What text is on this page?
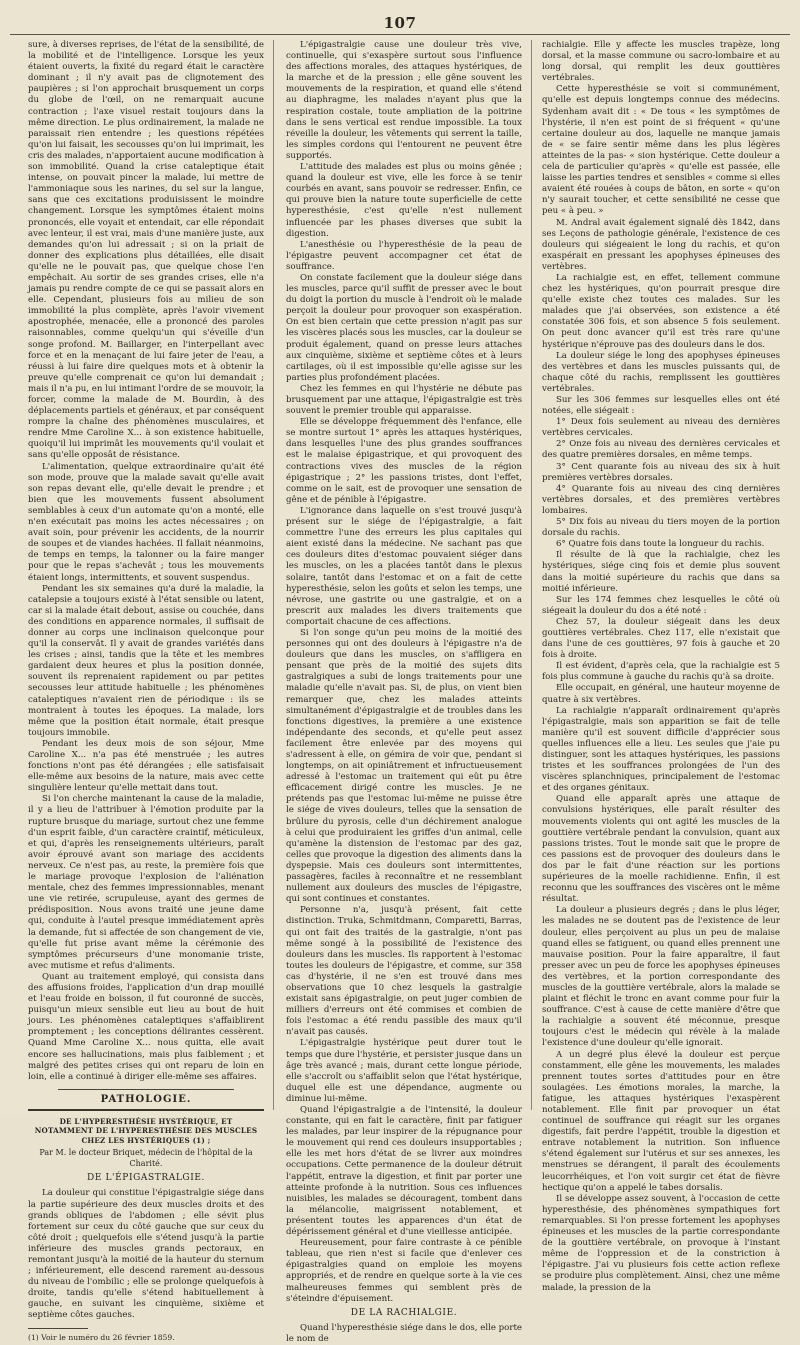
107

sure, à diverses reprises, de l'état de la sensibilité, de la mobilité et de l'intelligence. Lorsque les yeux étaient ouverts, la fixité du regard était le caractère dominant ; il n'y avait pas de clignotement des paupières ; si l'on approchait brusquement un corps du globe de l'œil, on ne remarquait aucune contraction ; l'axe visuel restait toujours dans la même direction. Le plus ordinairement, la malade ne paraissait rien entendre ; les questions répétées qu'on lui faisait, les secousses qu'on lui imprimait, les cris des malades, n'apportaient aucune modification à son immobilité. Quand la crise cataleptique était intense, on pouvait pincer la malade, lui mettre de l'ammoniaque sous les narines, du sel sur la langue, sans que ces excitations produisissent le moindre changement. Lorsque les symptômes étaient moins prononcés, elle voyait et entendait, car elle répondait avec lenteur, il est vrai, mais d'une manière juste, aux demandes qu'on lui adressait ; si on la priait de donner des explications plus détaillées, elle disait qu'elle ne le pouvait pas, que quelque chose l'en empêchait. Au sortir de ses grandes crises, elle n'a jamais pu rendre compte de ce qui se passait alors en elle. Cependant, plusieurs fois au milieu de son immobilité la plus complète, après l'avoir vivement apostrophée, menacée, elle a prononcé des paroles raisonnables, comme quelqu'un qui s'éveille d'un songe profond. M. Baillarger, en l'interpellant avec force et en la menaçant de lui faire jeter de l'eau, a réussi à lui faire dire quelques mots et à obtenir la preuve qu'elle comprenait ce qu'on lui demandait ; mais il n'a pu, en lui intimant l'ordre de se mouvoir, la forcer, comme la malade de M. Bourdin, à des déplacements partiels et généraux, et par conséquent rompre la chaîne des phénomènes musculaires, et rendre Mme Caroline X... à son existence habituelle, quoiqu'il lui imprimât les mouvements qu'il voulait et sans qu'elle opposât de résistance.

L'alimentation, quelque extraordinaire qu'ait été son mode, prouve que la malade savait qu'elle avait son repas devant elle, qu'elle devait le prendre ; et bien que les mouvements fussent absolument semblables à ceux d'un automate qu'on a monté, elle n'en exécutait pas moins les actes nécessaires ; on avait soin, pour prévenir les accidents, de la nourrir de soupes et de viandes hachées. Il fallait néanmoins, de temps en temps, la talonner ou la faire manger pour que le repas s'achevât ; tous les mouvements étaient longs, intermittents, et souvent suspendus.

Pendant les six semaines qu'a duré la maladie, la catalepsie a toujours existé à l'état sensible ou latent, car si la malade était debout, assise ou couchée, dans des conditions en apparence normales, il suffisait de donner au corps une inclinaison quelconque pour qu'il la conservât. Il y avait de grandes variétés dans les crises ; ainsi, tandis que la tête et les membres gardaient deux heures et plus la position donnée, souvent ils reprenaient rapidement ou par petites secousses leur attitude habituelle ; les phénomènes cataleptiques n'avaient rien de périodique : ils se montraient à toutes les époques. La malade, lors même que la position était normale, était presque toujours immobile.

Pendant les deux mois de son séjour, Mme Caroline X... n'a pas été menstruée ; les autres fonctions n'ont pas été dérangées ; elle satisfaisait elle-même aux besoins de la nature, mais avec cette singulière lenteur qu'elle mettait dans tout.

Si l'on cherche maintenant la cause de la maladie, il y a lieu de l'attribuer à l'émotion produite par la rupture brusque du mariage, surtout chez une femme d'un esprit faible, d'un caractère craintif, méticuleux, et qui, d'après les renseignements ultérieurs, paraît avoir éprouvé avant son mariage des accidents nerveux. Ce n'est pas, au reste, la première fois que le mariage provoque l'explosion de l'aliénation mentale, chez des femmes impressionnables, menant une vie retirée, scrupuleuse, ayant des germes de prédisposition. Nous avons traité une jeune dame qui, conduite à l'autel presque immédiatement après la demande, fut si affectée de son changement de vie, qu'elle fut prise avant même la cérémonie des symptômes précurseurs d'une monomanie triste, avec mutisme et refus d'aliments.

Quant au traitement employé, qui consista dans des affusions froides, l'application d'un drap mouillé et l'eau froide en boisson, il fut couronné de succès, puisqu'un mieux sensible eut lieu au bout de huit jours. Les phénomènes cataleptiques s'affaiblirent promptement ; les conceptions délirantes cessèrent. Quand Mme Caroline X... nous quitta, elle avait encore ses hallucinations, mais plus faiblement ; et malgré des petites crises qui ont reparu de loin en loin, elle a continué à diriger elle-même ses affaires.

PATHOLOGIE.
DE L'HYPERESTHÉSIE HYSTÉRIQUE, ET NOTAMMENT DE L'HYPERESTHÉSIE DES MUSCLES CHEZ LES HYSTÉRIQUES (1) ;
Par M. le docteur Briquet, médecin de l'hôpital de la Charité.
DE L'ÉPIGASTRALGIE.

La douleur qui constitue l'épigastralgie siége dans la partie supérieure des deux muscles droits et des grands obliques de l'abdomen ; elle sévit plus fortement sur ceux du côté gauche que sur ceux du côté droit ; quelquefois elle s'étend jusqu'à la partie inférieure des muscles grands pectoraux, en remontant jusqu'à la moitié de la hauteur du sternum ; inférieurement, elle descend rarement au-dessous du niveau de l'ombilic ; elle se prolonge quelquefois à droite, tandis qu'elle s'étend habituellement à gauche, en suivant les cinquième, sixième et septième côtes gauches.

(1) Voir le numéro du 26 février 1859.

L'épigastralgie cause une douleur très vive, continuelle, qui s'exaspère surtout sous l'influence des affections morales, des attaques hystériques, de la marche et de la pression ; elle gêne souvent les mouvements de la respiration, et quand elle s'étend au diaphragme, les malades n'ayant plus que la respiration costale, toute ampliation de la poitrine dans le sens vertical est rendue impossible. La toux réveille la douleur, les vêtements qui serrent la taille, les simples cordons qui l'entourent ne peuvent être supportés.

L'attitude des malades est plus ou moins gênée ; quand la douleur est vive, elle les force à se tenir courbés en avant, sans pouvoir se redresser. Enfin, ce qui prouve bien la nature toute superficielle de cette hyperesthésie, c'est qu'elle n'est nullement influencée par les phases diverses que subit la digestion.

L'anesthésie ou l'hyperesthésie de la peau de l'épigastre peuvent accompagner cet état de souffrance.

On constate facilement que la douleur siége dans les muscles, parce qu'il suffit de presser avec le bout du doigt la portion du muscle à l'endroit où le malade perçoit la douleur pour provoquer son exaspération. On est bien certain que cette pression n'agit pas sur les viscères placés sous les muscles, car la douleur se produit également, quand on presse leurs attaches aux cinquième, sixième et septième côtes et à leurs cartilages, où il est impossible qu'elle agisse sur les parties plus profondément placées.

Chez les femmes en qui l'hystérie ne débute pas brusquement par une attaque, l'épigastralgie est très souvent le premier trouble qui apparaisse.

Elle se développe fréquemment dès l'enfance, elle se montre surtout 1° après les attaques hystériques, dans lesquelles l'une des plus grandes souffrances est le malaise épigastrique, et qui provoquent des contractions vives des muscles de la région épigastrique ; 2° les passions tristes, dont l'effet, comme on le sait, est de provoquer une sensation de gêne et de pénible à l'épigastre.

L'ignorance dans laquelle on s'est trouvé jusqu'à présent sur le siége de l'épigastralgie, a fait commettre l'une des erreurs les plus capitales qui aient existé dans la médecine. Ne sachant pas que ces douleurs dites d'estomac pouvaient siéger dans les muscles, on les a placées tantôt dans le plexus solaire, tantôt dans l'estomac et on a fait de cette hyperesthésie, selon les goûts et selon les temps, une névrose, une gastrite ou une gastralgie, et on a prescrit aux malades les divers traitements que comportait chacune de ces affections.

Si l'on songe qu'un peu moins de la moitié des personnes qui ont des douleurs à l'épigastre n'a de douleurs que dans les muscles, on s'affligera en pensant que près de la moitié des sujets dits gastralgiques a subi de longs traitements pour une maladie qu'elle n'avait pas. Si, de plus, on vient bien remarquer que, chez les malades atteints simultanément d'épigastralgie et de troubles dans les fonctions digestives, la première a une existence indépendante des seconds, et qu'elle peut assez facilement être enlevée par des moyens qui s'adressent à elle, on gémira de voir que, pendant si longtemps, on ait opiniâtrement et infructueusement adressé à l'estomac un traitement qui eût pu être efficacement dirigé contre les muscles. Je ne prétends pas que l'estomac lui-même ne puisse être le siége de vives douleurs, telles que la sensation de brûlure du pyrosis, celle d'un déchirement analogue à celui que produiraient les griffes d'un animal, celle qu'amène la distension de l'estomac par des gaz, celles que provoque la digestion des aliments dans la dyspepsie. Mais ces douleurs sont intermittentes, passagères, faciles à reconnaître et ne ressemblant nullement aux douleurs des muscles de l'épigastre, qui sont continues et constantes.

Personne n'a, jusqu'à présent, fait cette distinction. Truka, Schmitdmann, Comparetti, Barras, qui ont fait des traités de la gastralgie, n'ont pas même songé à la possibilité de l'existence des douleurs dans les muscles. Ils rapportent à l'estomac toutes les douleurs de l'épigastre, et comme, sur 358 cas d'hystérie, il ne s'en est trouvé dans mes observations que 10 chez lesquels la gastralgie existait sans épigastralgie, on peut juger combien de milliers d'erreurs ont été commises et combien de fois l'estomac a été rendu passible des maux qu'il n'avait pas causés.

L'épigastralgie hystérique peut durer tout le temps que dure l'hystérie, et persister jusque dans un âge très avancé ; mais, durant cette longue période, elle s'accroît ou s'affaiblit selon que l'état hystérique, duquel elle est une dépendance, augmente ou diminue lui-même.

Quand l'épigastralgie a de l'intensité, la douleur constante, qui en fait le caractère, finit par fatiguer les malades, par leur inspirer de la répugnance pour le mouvement qui rend ces douleurs insupportables ; elle les met hors d'état de se livrer aux moindres occupations. Cette permanence de la douleur détruit l'appétit, entrave la digestion, et finit par porter une atteinte profonde à la nutrition. Sous ces influences nuisibles, les malades se découragent, tombent dans la mélancolie, maigrissent notablement, et présentent toutes les apparences d'un état de dépérissement général et d'une vieillesse anticipée.

Heureusement, pour faire contraste à ce pénible tableau, que rien n'est si facile que d'enlever ces épigastralgies quand on emploie les moyens appropriés, et de rendre en quelque sorte à la vie ces malheureuses femmes qui semblent près de s'éteindre d'épuisement.

DE LA RACHIALGIE.

Quand l'hyperesthésie siége dans le dos, elle porte le nom de

rachialgie. Elle y affecte les muscles trapèze, long dorsal, et la masse commune ou sacro-lombaire et au long dorsal, qui remplit les deux gouttières vertébrales.

Cette hyperesthésie se voit si communément, qu'elle est depuis longtemps connue des médecins. Sydenham avait dit : « De tous « les symptômes de l'hystérie, il n'en est point de si fréquent « qu'une certaine douleur au dos, laquelle ne manque jamais de « se faire sentir même dans les plus légères atteintes de la pas- « sion hystérique. Cette douleur a cela de particulier qu'après « qu'elle est passée, elle laisse les parties tendres et sensibles « comme si elles avaient été rouées à coups de bâton, en sorte « qu'on n'y saurait toucher, et cette sensibilité ne cesse que peu « à peu. »

M. Andral avait également signalé dès 1842, dans ses Leçons de pathologie générale, l'existence de ces douleurs qui siégeaient le long du rachis, et qu'on exaspérait en pressant les apophyses épineuses des vertèbres.

La rachialgie est, en effet, tellement commune chez les hystériques, qu'on pourrait presque dire qu'elle existe chez toutes ces malades. Sur les malades que j'ai observées, son existence a été constatée 306 fois, et son absence 5 fois seulement. On peut donc avancer qu'il est très rare qu'une hystérique n'éprouve pas des douleurs dans le dos.

La douleur siége le long des apophyses épineuses des vertèbres et dans les muscles puissants qui, de chaque côté du rachis, remplissent les gouttières vertébrales.

Sur les 306 femmes sur lesquelles elles ont été notées, elle siégeait :

1° Deux fois seulement au niveau des dernières vertèbres cervicales.

2° Onze fois au niveau des dernières cervicales et des quatre premières dorsales, en même temps.

3° Cent quarante fois au niveau des six à huit premières vertèbres dorsales.

4° Quarante fois au niveau des cinq dernières vertèbres dorsales, et des premières vertèbres lombaires.

5° Dix fois au niveau du tiers moyen de la portion dorsale du rachis.

6° Quatre fois dans toute la longueur du rachis.

Il résulte de là que la rachialgie, chez les hystériques, siége cinq fois et demie plus souvent dans la moitié supérieure du rachis que dans sa moitié inférieure.

Sur les 174 femmes chez lesquelles le côté où siégeait la douleur du dos a été noté :

Chez 57, la douleur siégeait dans les deux gouttières vertébrales. Chez 117, elle n'existait que dans l'une de ces gouttières, 97 fois à gauche et 20 fois à droite.

Il est évident, d'après cela, que la rachialgie est 5 fois plus commune à gauche du rachis qu'à sa droite.

Elle occupait, en général, une hauteur moyenne de quatre à six vertèbres.

La rachialgie n'apparaît ordinairement qu'après l'épigastralgie, mais son apparition se fait de telle manière qu'il est souvent difficile d'apprécier sous quelles influences elle a lieu. Les seules que j'aie pu distinguer, sont les attaques hystériques, les passions tristes et les souffrances prolongées de l'un des viscères splanchniques, principalement de l'estomac et des organes génitaux.

Quand elle apparaît après une attaque de convulsions hystériques, elle paraît résulter des mouvements violents qui ont agité les muscles de la gouttière vertébrale pendant la convulsion, quant aux passions tristes. Tout le monde sait que le propre de ces passions est de provoquer des douleurs dans le dos par le fait d'une réaction sur les portions supérieures de la moelle rachidienne. Enfin, il est reconnu que les souffrances des viscères ont le même résultat.

La douleur a plusieurs degrés ; dans le plus léger, les malades ne se doutent pas de l'existence de leur douleur, elles perçoivent au plus un peu de malaise quand elles se fatiguent, ou quand elles prennent une mauvaise position. Pour la faire apparaître, il faut presser avec un peu de force les apophyses épineuses des vertèbres, et la portion correspondante des muscles de la gouttière vertébrale, alors la malade se plaint et fléchit le tronc en avant comme pour fuir la souffrance. C'est à cause de cette manière d'être que la rachialgie a souvent été méconnue, presque toujours c'est le médecin qui révèle à la malade l'existence d'une douleur qu'elle ignorait.

A un degré plus élevé la douleur est perçue constamment, elle gêne les mouvements, les malades prennent toutes sortes d'attitudes pour en être soulagées. Les émotions morales, la marche, la fatigue, les attaques hystériques l'exaspèrent notablement. Elle finit par provoquer un état continuel de souffrance qui réagit sur les organes digestifs, fait perdre l'appétit, trouble la digestion et entrave notablement la nutrition. Son influence s'étend également sur l'utérus et sur ses annexes, les menstrues se dérangent, il paraît des écoulements leucorrhéiques, et l'on voit surgir cet état de fièvre hectique qu'on a appelé le tabes dorsalis.

Il se développe assez souvent, à l'occasion de cette hyperesthésie, des phénomènes sympathiques fort remarquables. Si l'on presse fortement les apophyses épineuses et les muscles de la partie correspondante de la gouttière vertébrale, on provoque à l'instant même de l'oppression et de la constriction à l'épigastre. J'ai vu plusieurs fois cette action reflexe se produire plus complètement. Ainsi, chez une même malade, la pression de la
